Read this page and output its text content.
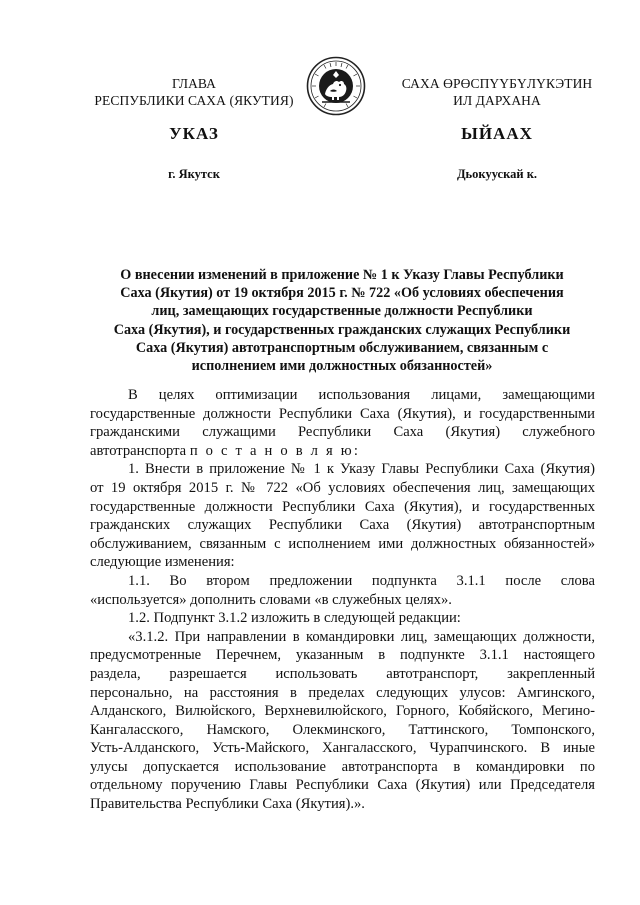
ГЛАВА
РЕСПУБЛИКИ САХА (ЯКУТИЯ)
САХА ӨРӨСПҮҮБҮЛҮКЭТИН
ИЛ ДАРХАНА
УКАЗ	ЫЙААХ
г. Якутск	Дьокуускай к.
О внесении изменений в приложение № 1 к Указу Главы Республики
Саха (Якутия) от 19 октября 2015 г. № 722 «Об условиях обеспечения
лиц, замещающих государственные должности Республики
Саха (Якутия), и государственных гражданских служащих Республики
Саха (Якутия) автотранспортным обслуживанием, связанным с
исполнением ими должностных обязанностей»
В целях оптимизации использования лицами, замещающими
государственные должности Республики Саха (Якутия), и государственными
гражданскими служащими Республики Саха (Якутия) служебного
автотранспорта п о с т а н о в л я ю:
1. Внести в приложение № 1 к Указу Главы Республики Саха (Якутия)
от 19 октября 2015 г. № 722 «Об условиях обеспечения лиц, замещающих
государственные должности Республики Саха (Якутия), и государственных
гражданских служащих Республики Саха (Якутия) автотранспортным
обслуживанием, связанным с исполнением ими должностных обязанностей»
следующие изменения:
1.1. Во втором предложении подпункта 3.1.1 после слова
«используется» дополнить словами «в служебных целях».
1.2. Подпункт 3.1.2 изложить в следующей редакции:
«3.1.2. При направлении в командировки лиц, замещающих должности,
предусмотренные Перечнем, указанным в подпункте 3.1.1 настоящего
раздела, разрешается использовать автотранспорт, закрепленный
персонально, на расстояния в пределах следующих улусов: Амгинского,
Алданского, Вилюйского, Верхневилюйского, Горного, Кобяйского, Мегино-
Кангаласского, Намского, Олекминского, Таттинского, Томпонского,
Усть-Алданского, Усть-Майского, Хангаласского, Чурапчинского. В иные
улусы допускается использование автотранспорта в командировки по
отдельному поручению Главы Республики Саха (Якутия) или Председателя
Правительства Республики Саха (Якутия).».
